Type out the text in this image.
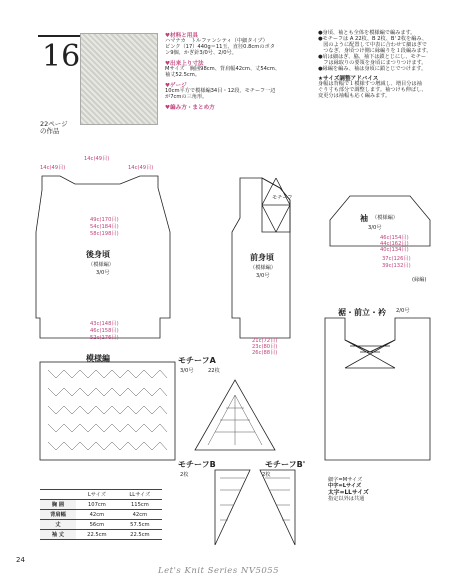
16
22ページ
の作品
♥材料と用具
ハマナカ　トルファンシティ（中細タイプ）
ピンク（17）440g＝11玉、直径0.8cmのボタ
ン9個、かぎ針3/0号、2/0号。
♥出来上り寸法
Mサイズ　胸囲98cm、背肩幅42cm、丈54cm、
袖丈52.5cm。
♥ゲージ
10cm平方で模様編34目・12段、モチーフ一辺
が7cmの三角形。
♥編み方・まとめ方
●身頃、袖とも全体を模様編で編みます。
●モチーフは A 22枚、B 2枚、B' 2枚を編み、
　図のように配置して中表に合わせて細はぎで
　つなぎ、身頃つけ側に縁編りを１段編みます。
●肩は細はぎ、脇、袖下は鎖とじにし、モチー
　フは縁取りの要領を身頃にまつりつけます。
●縁編を編み、袖は身頃に鎖とじでつけます。
★サイズ調整アドバイス
身幅は背幅で１模様すつ増減し、増目分は袖
ぐり寸も部分で調整します。袖つけも伸ばし、
変更分は袖幅も応く編みます。
後身頃
（模様編）
3/0号
前身頃
（模様編）
3/0号
モチーフ
袖 （模様編）
3/0号
(縁編)
裾・前立・衿 2/0号
模様編	モチーフA
3/0号	22枚
モチーフB
2枚
モチーフB'
2枚
14c(49目)
14c(49目)
14c(49目)
49c(170目)
54c(184目)
58c(198目)
43c(148目)
46c(158目)
52c(176目)	21c(72目)
23c(80目)
26c(88目)
46c(154目)
44c(162目)
40c(134目)
37c(126目)
39c(132目)
	Lサイズ	LLサイズ
胸 囲	107cm	115cm
背肩幅	42cm	42cm
丈	56cm	57.5cm
袖 丈	22.5cm	22.5cm
細字=Mサイズ
中字=Lサイズ
太字=LLサイズ
指定以外は共通
24
Let's Knit Series NV5055
